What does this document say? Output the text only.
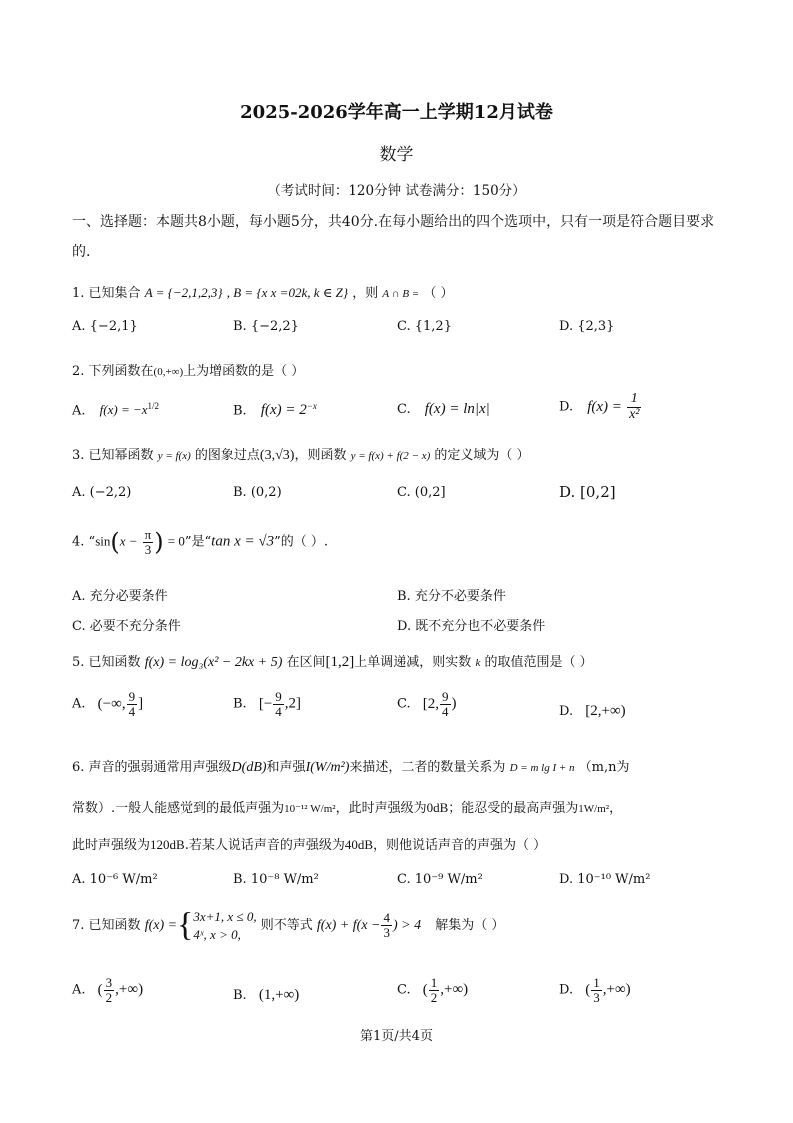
2025-2026学年高一上学期12月试卷
数学
（考试时间：120分钟 试卷满分：150分）
一、选择题：本题共8小题，每小题5分，共40分.在每小题给出的四个选项中，只有一项是符合题目要求的.
1. 已知集合 A = {−2,1,2,3} , B = {x x =02k, k ∈ Z} ，则 A ∩ B = （ ）
A. {−2,1}	B. {−2,2}	C. {1,2}	D. {2,3}
2. 下列函数在(0,+∞)上为增函数的是（ ）
A. $f(x) = -x^{1/2}$	B. $f(x) = 2^{-x}$	C. f(x) = ln|x|	D. $f(x) = \frac{1}{\text{x²}}$
3. 已知幂函数 y = f(x) 的图象过点(3,√3)，则函数 y = f(x) + f(2 − x) 的定义域为（ ）
A. (−2,2)	B. (0,2)	C. (0,2]	D. [0,2]
4. “$\sin(x - \frac{\pi}{3}$ ) = 0”是“tan x = √3”的（ ）.
A. 充分必要条件	B. 充分不必要条件
C. 必要不充分条件	D. 既不充分也不必要条件
5. 已知函数 f(x) = log₃(x² − 2kx + 5) 在区间[1,2]上单调递减，则实数 k 的取值范围是（ ）
A. (−∞, $\frac{9}{4}$ ]	B. [− $\frac{9}{4} ,2$]	C. [2, $\frac{9}{4}$ )	D. [2,+∞)
6. 声音的强弱通常用声强级D(dB)和声强I(W/m²)来描述，二者的数量关系为 D = m lg I + n （m,n为
常数）.一般人能感觉到的最低声强为10⁻¹² W/m²，此时声强级为0dB；能忍受的最高声强为1W/m²，
此时声强级为120dB.若某人说话声音的声强级为40dB，则他说话声音的声强为（ ）
A. 10⁻⁶ W/m²	B. 10⁻⁸ W/m²	C. 10⁻⁹ W/m²	D. 10⁻¹⁰ W/m²
7. 已知函数 f(x) ={ 3x+1, x ≤ 0,
4ˣ, x > 0,
则不等式 $f(x) + f(x - \frac{4}{3}$ ) > 4 解集为（ ）
A. ( $\frac{3}{2}$ ,+∞)	B. (1,+∞)	C. ( $\frac{1}{2}$ ,+∞)	D. ( $\frac{1}{3}$ ,+∞)
第1页/共4页
